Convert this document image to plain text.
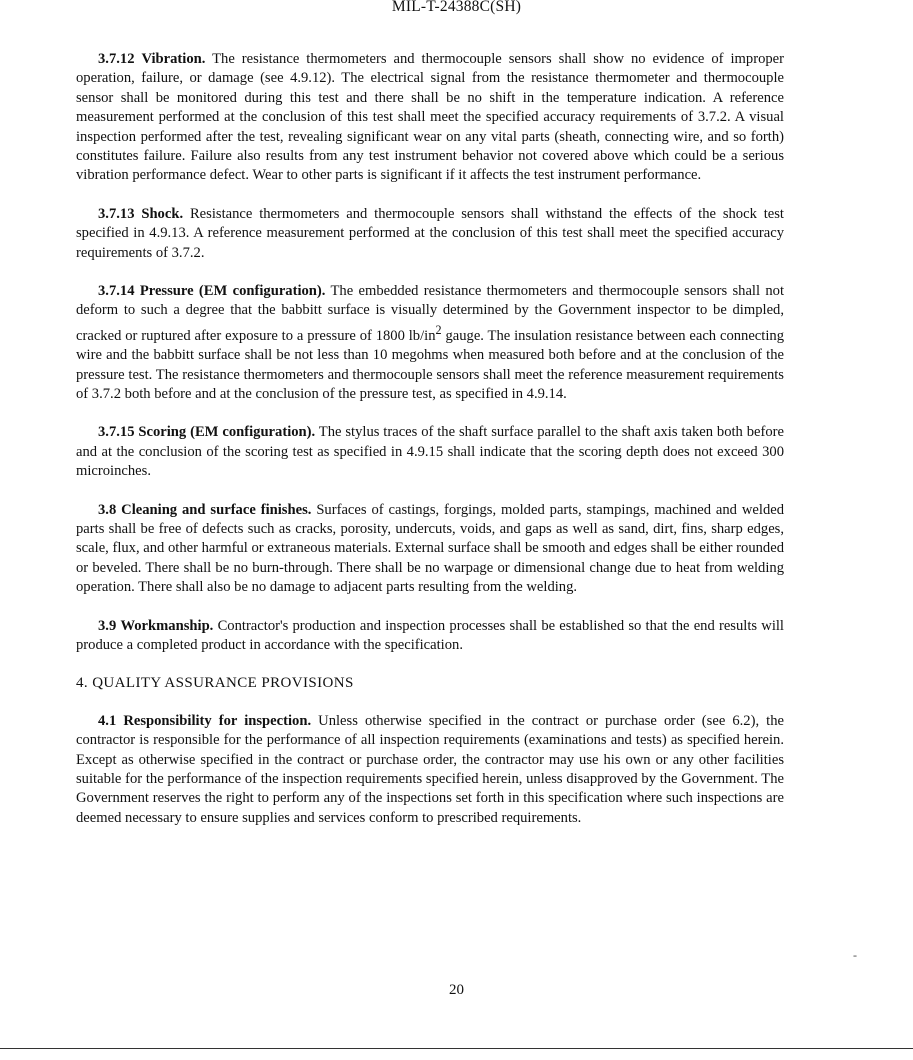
MIL-T-24388C(SH)

3.7.12 Vibration. The resistance thermometers and thermocouple sensors shall show no evidence of improper operation, failure, or damage (see 4.9.12). The electrical signal from the resistance thermometer and thermocouple sensor shall be monitored during this test and there shall be no shift in the temperature indication. A reference measurement performed at the conclusion of this test shall meet the specified accuracy requirements of 3.7.2. A visual inspection performed after the test, revealing significant wear on any vital parts (sheath, connecting wire, and so forth) constitutes failure. Failure also results from any test instrument behavior not covered above which could be a serious vibration performance defect. Wear to other parts is significant if it affects the test instrument performance.

3.7.13 Shock. Resistance thermometers and thermocouple sensors shall withstand the effects of the shock test specified in 4.9.13. A reference measurement performed at the conclusion of this test shall meet the specified accuracy requirements of 3.7.2.

3.7.14 Pressure (EM configuration). The embedded resistance thermometers and thermocouple sensors shall not deform to such a degree that the babbitt surface is visually determined by the Government inspector to be dimpled, cracked or ruptured after exposure to a pressure of 1800 $lb/in^2$ gauge. The insulation resistance between each connecting wire and the babbitt surface shall be not less than 10 megohms when measured both before and at the conclusion of the pressure test. The resistance thermometers and thermocouple sensors shall meet the reference measurement requirements of 3.7.2 both before and at the conclusion of the pressure test, as specified in 4.9.14.

3.7.15 Scoring (EM configuration). The stylus traces of the shaft surface parallel to the shaft axis taken both before and at the conclusion of the scoring test as specified in 4.9.15 shall indicate that the scoring depth does not exceed 300 microinches.

3.8 Cleaning and surface finishes. Surfaces of castings, forgings, molded parts, stampings, machined and welded parts shall be free of defects such as cracks, porosity, undercuts, voids, and gaps as well as sand, dirt, fins, sharp edges, scale, flux, and other harmful or extraneous materials. External surface shall be smooth and edges shall be either rounded or beveled. There shall be no burn-through. There shall be no warpage or dimensional change due to heat from welding operation. There shall also be no damage to adjacent parts resulting from the welding.

3.9 Workmanship. Contractor's production and inspection processes shall be established so that the end results will produce a completed product in accordance with the specification.

4. QUALITY ASSURANCE PROVISIONS

4.1 Responsibility for inspection. Unless otherwise specified in the contract or purchase order (see 6.2), the contractor is responsible for the performance of all inspection requirements (examinations and tests) as specified herein. Except as otherwise specified in the contract or purchase order, the contractor may use his own or any other facilities suitable for the performance of the inspection requirements specified herein, unless disapproved by the Government. The Government reserves the right to perform any of the inspections set forth in this specification where such inspections are deemed necessary to ensure supplies and services conform to prescribed requirements.

-
20
